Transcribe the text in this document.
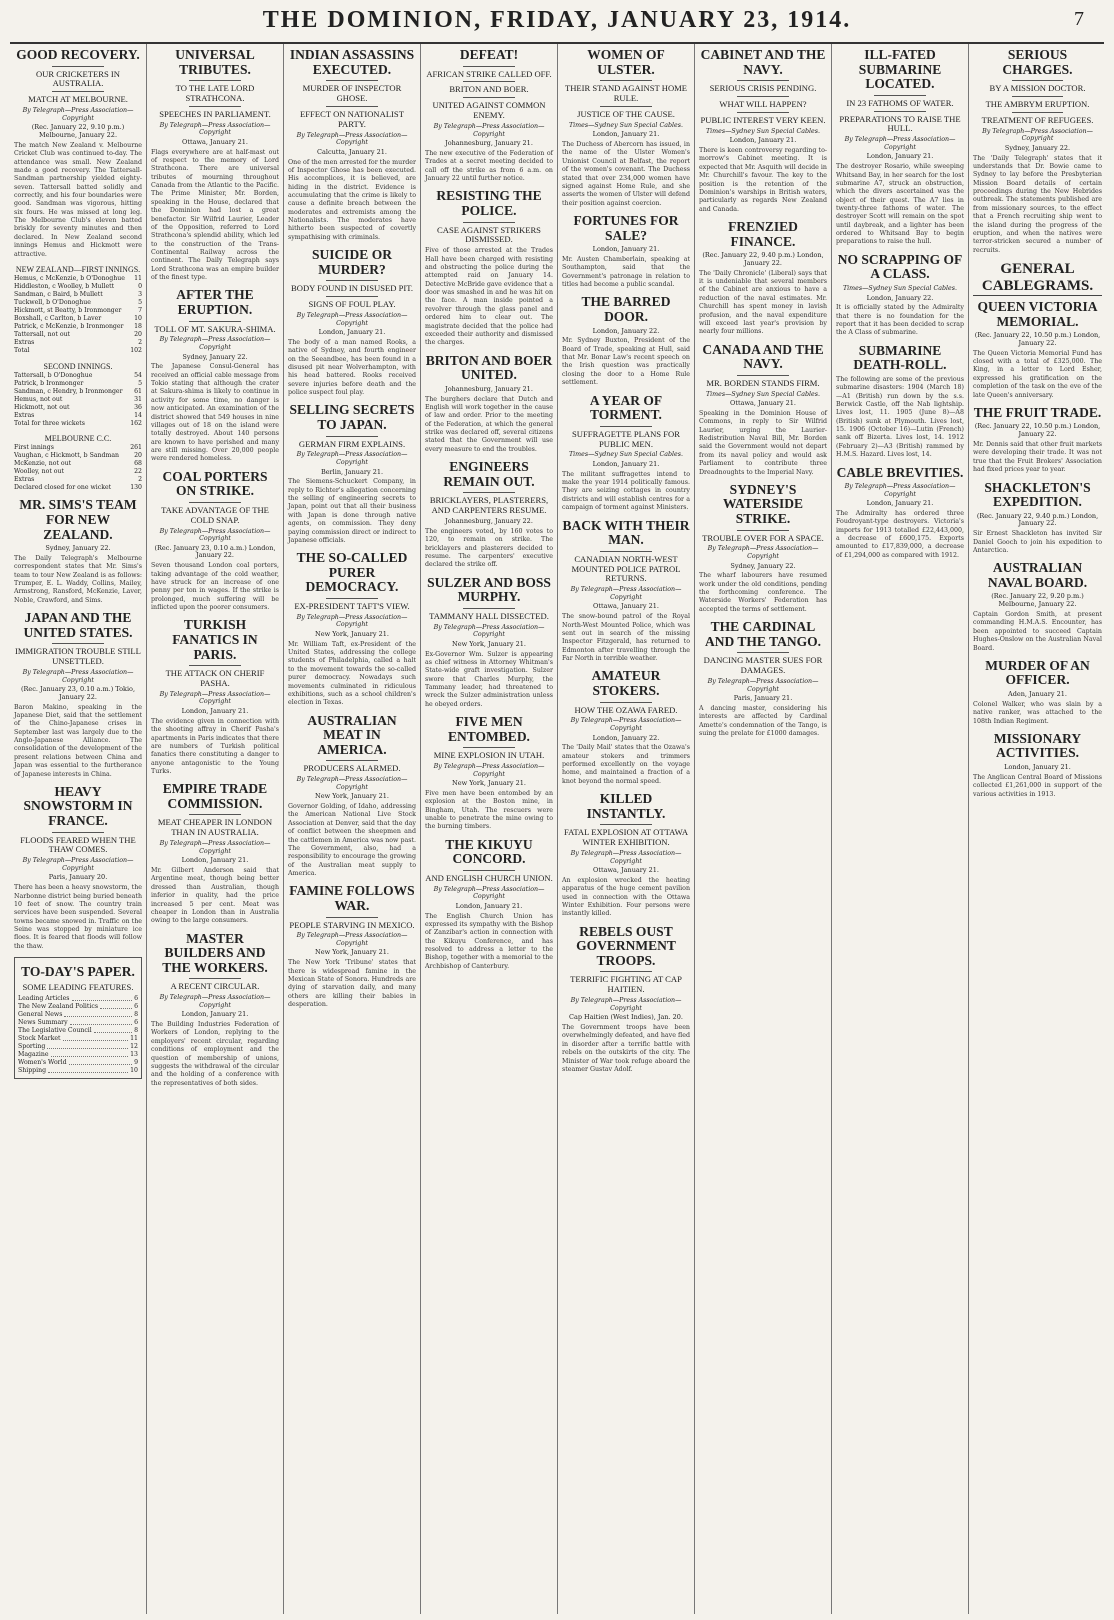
THE DOMINION, FRIDAY, JANUARY 23, 1914.	7
GOOD RECOVERY.
OUR CRICKETERS IN AUSTRALIA.
MATCH AT MELBOURNE.
By Telegraph—Press Association—Copyright
(Rec. January 22, 9.10 p.m.) Melbourne, January 22.
The match New Zealand v. Melbourne Cricket Club was continued to-day. The attendance was small. New Zealand made a good recovery. The Tattersall-Sandman partnership yielded eighty-seven. Tattersall batted solidly and correctly, and his four boundaries were good. Sandman was vigorous, hitting six fours. He was missed at long leg. The Melbourne Club's eleven batted briskly for seventy minutes and then declared. In New Zealand second innings Hemus and Hickmott were attractive.
NEW ZEALAND—FIRST INNINGS.
Hemus, c McKenzie, b O'Donoghue 11
Hiddleston, c Woolley, b Mullett	0
Sandman, c Baird, b Mullett	3
Tuckwell, b O'Donoghue	5
Hickmott, st Beatty, b Ironmonger	7
Boxshall, c Carlton, b Laver	10
Patrick, c McKenzie, b Ironmonger 18
Tattersall, not out	20
Extras	2
Total	102
SECOND INNINGS.
Tattersall, b O'Donoghue	54
Patrick, b Ironmonger	5
Sandman, c Hendry, b Ironmonger 61
Hemus, not out	31
Hickmott, not out	36
Extras	14
Total for three wickets	162
MELBOURNE C.C.
First innings	261
Vaughan, c Hickmott, b Sandman 20
McKenzie, not out	68
Woolley, not out	22
Extras	2
Declared closed for one wicket	130
MR. SIMS'S TEAM FOR NEW ZEALAND.
Sydney, January 22.
The Daily Telegraph's Melbourne correspondent states that Mr. Sims's team to tour New Zealand is as follows: Trumper, E. L. Waddy, Collins, Mailey, Armstrong, Ransford, McKenzie, Laver, Noble, Crawford, and Sims.
JAPAN AND THE UNITED STATES.
IMMIGRATION TROUBLE STILL UNSETTLED.
By Telegraph—Press Association—Copyright
(Rec. January 23, 0.10 a.m.) Tokio, January 22.
Baron Makino, speaking in the Japanese Diet, said that the settlement of the Chino-Japanese crises in September last was largely due to the Anglo-Japanese Alliance. The consolidation of the development of the present relations between China and Japan was essential to the furtherance of Japanese interests in China.
HEAVY SNOWSTORM IN FRANCE.
FLOODS FEARED WHEN THE THAW COMES.
By Telegraph—Press Association—Copyright
Paris, January 20.
There has been a heavy snowstorm, the Narbonne district being buried beneath 10 feet of snow. The country train services have been suspended. Several towns became snowed in. Traffic on the Seine was stopped by miniature ice floes. It is feared that floods will follow the thaw.
TO-DAY'S PAPER.
SOME LEADING FEATURES.
Leading Articles	6
The New Zealand Politics	6
General News	8
News Summary	6
The Legislative Council	8
Stock Market	11
Sporting	12
Magazine	13
Women's World	9
Shipping	10
UNIVERSAL TRIBUTES.
TO THE LATE LORD STRATHCONA.
SPEECHES IN PARLIAMENT.
By Telegraph—Press Association—Copyright
Ottawa, January 21.
Flags everywhere are at half-mast out of respect to the memory of Lord Strathcona. There are universal tributes of mourning throughout Canada from the Atlantic to the Pacific. The Prime Minister, Mr. Borden, speaking in the House, declared that the Dominion had lost a great benefactor. Sir Wilfrid Laurier, Leader of the Opposition, referred to Lord Strathcona's splendid ability, which led to the construction of the Trans-Continental Railway across the continent. The Daily Telegraph says Lord Strathcona was an empire builder of the finest type.
AFTER THE ERUPTION.
TOLL OF MT. SAKURA-SHIMA.
By Telegraph—Press Association—Copyright
Sydney, January 22.
The Japanese Consul-General has received an official cable message from Tokio stating that although the crater at Sakura-shima is likely to continue in activity for some time, no danger is now anticipated. An examination of the district showed that 549 houses in nine villages out of 18 on the island were totally destroyed. About 140 persons are known to have perished and many are still missing. Over 20,000 people were rendered homeless.
COAL PORTERS ON STRIKE.
TAKE ADVANTAGE OF THE COLD SNAP.
By Telegraph—Press Association—Copyright
(Rec. January 23, 0.10 a.m.) London, January 22.
Seven thousand London coal porters, taking advantage of the cold weather, have struck for an increase of one penny per ton in wages. If the strike is prolonged, much suffering will be inflicted upon the poorer consumers.
TURKISH FANATICS IN PARIS.
THE ATTACK ON CHERIF PASHA.
By Telegraph—Press Association—Copyright
London, January 21.
The evidence given in connection with the shooting affray in Cherif Pasha's apartments in Paris indicates that there are numbers of Turkish political fanatics there constituting a danger to anyone antagonistic to the Young Turks.
EMPIRE TRADE COMMISSION.
MEAT CHEAPER IN LONDON THAN IN AUSTRALIA.
By Telegraph—Press Association—Copyright
London, January 21.
Mr. Gilbert Anderson said that Argentine meat, though being better dressed than Australian, though inferior in quality, had the price increased 5 per cent. Meat was cheaper in London than in Australia owing to the large consumers.
MASTER BUILDERS AND THE WORKERS.
A RECENT CIRCULAR.
By Telegraph—Press Association—Copyright
London, January 21.
The Building Industries Federation of Workers of London, replying to the employers' recent circular, regarding conditions of employment and the question of membership of unions, suggests the withdrawal of the circular and the holding of a conference with the representatives of both sides.
INDIAN ASSASSINS EXECUTED.
MURDER OF INSPECTOR GHOSE.
EFFECT ON NATIONALIST PARTY.
By Telegraph—Press Association—Copyright
Calcutta, January 21.
One of the men arrested for the murder of Inspector Ghose has been executed. His accomplices, it is believed, are hiding in the district. Evidence is accumulating that the crime is likely to cause a definite breach between the moderates and extremists among the Nationalists. The moderates have hitherto been suspected of covertly sympathising with criminals.
SUICIDE OR MURDER?
BODY FOUND IN DISUSED PIT.
SIGNS OF FOUL PLAY.
By Telegraph—Press Association—Copyright
London, January 21.
The body of a man named Rooks, a native of Sydney, and fourth engineer on the Seeandbee, has been found in a disused pit near Wolverhampton, with his head battered. Rooks received severe injuries before death and the police suspect foul play.
SELLING SECRETS TO JAPAN.
GERMAN FIRM EXPLAINS.
By Telegraph—Press Association—Copyright
Berlin, January 21.
The Siemens-Schuckert Company, in reply to Richter's allegation concerning the selling of engineering secrets to Japan, point out that all their business with Japan is done through native agents, on commission. They deny paying commission direct or indirect to Japanese officials.
THE SO-CALLED PURER DEMOCRACY.
EX-PRESIDENT TAFT'S VIEW.
By Telegraph—Press Association—Copyright
New York, January 21.
Mr. William Taft, ex-President of the United States, addressing the college students of Philadelphia, called a halt to the movement towards the so-called purer democracy. Nowadays such movements culminated in ridiculous exhibitions, such as a school children's election in Texas.
AUSTRALIAN MEAT IN AMERICA.
PRODUCERS ALARMED.
By Telegraph—Press Association—Copyright
New York, January 21.
Governor Golding, of Idaho, addressing the American National Live Stock Association at Denver, said that the day of conflict between the sheepmen and the cattlemen in America was now past. The Government, also, had a responsibility to encourage the growing of the Australian meat supply to America.
FAMINE FOLLOWS WAR.
PEOPLE STARVING IN MEXICO.
By Telegraph—Press Association—Copyright
New York, January 21.
The New York 'Tribune' states that there is widespread famine in the Mexican State of Sonora. Hundreds are dying of starvation daily, and many others are killing their babies in desperation.
DEFEAT!
AFRICAN STRIKE CALLED OFF.
BRITON AND BOER.
UNITED AGAINST COMMON ENEMY.
By Telegraph—Press Association—Copyright
Johannesburg, January 21.
The new executive of the Federation of Trades at a secret meeting decided to call off the strike as from 6 a.m. on January 22 until further notice.
RESISTING THE POLICE.
CASE AGAINST STRIKERS DISMISSED.
Five of those arrested at the Trades Hall have been charged with resisting and obstructing the police during the attempted raid on January 14. Detective McBride gave evidence that a door was smashed in and he was hit on the face. A man inside pointed a revolver through the glass panel and ordered him to clear out. The magistrate decided that the police had exceeded their authority and dismissed the charges.
BRITON AND BOER UNITED.
Johannesburg, January 21.
The burghers declare that Dutch and English will work together in the cause of law and order. Prior to the meeting of the Federation, at which the general strike was declared off, several citizens stated that the Government will use every measure to end the troubles.
ENGINEERS REMAIN OUT.
BRICKLAYERS, PLASTERERS, AND CARPENTERS RESUME.
Johannesburg, January 22.
The engineers voted, by 160 votes to 120, to remain on strike. The bricklayers and plasterers decided to resume. The carpenters' executive declared the strike off.
SULZER AND BOSS MURPHY.
TAMMANY HALL DISSECTED.
By Telegraph—Press Association—Copyright
New York, January 21.
Ex-Governor Wm. Sulzer is appearing as chief witness in Attorney Whitman's State-wide graft investigation. Sulzer swore that Charles Murphy, the Tammany leader, had threatened to wreck the Sulzer administration unless he obeyed orders.
FIVE MEN ENTOMBED.
MINE EXPLOSION IN UTAH.
By Telegraph—Press Association—Copyright
New York, January 21.
Five men have been entombed by an explosion at the Boston mine, in Bingham, Utah. The rescuers were unable to penetrate the mine owing to the burning timbers.
THE KIKUYU CONCORD.
AND ENGLISH CHURCH UNION.
By Telegraph—Press Association—Copyright
London, January 21.
The English Church Union has expressed its sympathy with the Bishop of Zanzibar's action in connection with the Kikuyu Conference, and has resolved to address a letter to the Bishop, together with a memorial to the Archbishop of Canterbury.
WOMEN OF ULSTER.
THEIR STAND AGAINST HOME RULE.
JUSTICE OF THE CAUSE.
Times—Sydney Sun Special Cables.
London, January 21.
The Duchess of Abercorn has issued, in the name of the Ulster Women's Unionist Council at Belfast, the report of the women's covenant. The Duchess stated that over 234,000 women have signed against Home Rule, and she asserts the women of Ulster will defend their position against coercion.
FORTUNES FOR SALE?
London, January 21.
Mr. Austen Chamberlain, speaking at Southampton, said that the Government's patronage in relation to titles had become a public scandal.
THE BARRED DOOR.
London, January 22.
Mr. Sydney Buxton, President of the Board of Trade, speaking at Hull, said that Mr. Bonar Law's recent speech on the Irish question was practically closing the door to a Home Rule settlement.
A YEAR OF TORMENT.
SUFFRAGETTE PLANS FOR PUBLIC MEN.
Times—Sydney Sun Special Cables.
London, January 21.
The militant suffragettes intend to make the year 1914 politically famous. They are seizing cottages in country districts and will establish centres for a campaign of torment against Ministers.
BACK WITH THEIR MAN.
CANADIAN NORTH-WEST MOUNTED POLICE PATROL RETURNS.
By Telegraph—Press Association—Copyright
Ottawa, January 21.
The snow-bound patrol of the Royal North-West Mounted Police, which was sent out in search of the missing Inspector Fitzgerald, has returned to Edmonton after travelling through the Far North in terrible weather.
AMATEUR STOKERS.
HOW THE OZAWA FARED.
By Telegraph—Press Association—Copyright
London, January 22.
The 'Daily Mail' states that the Ozawa's amateur stokers and trimmers performed excellently on the voyage home, and maintained a fraction of a knot beyond the normal speed.
KILLED INSTANTLY.
FATAL EXPLOSION AT OTTAWA WINTER EXHIBITION.
By Telegraph—Press Association—Copyright
Ottawa, January 21.
An explosion wrecked the heating apparatus of the huge cement pavilion used in connection with the Ottawa Winter Exhibition. Four persons were instantly killed.
REBELS OUST GOVERNMENT TROOPS.
TERRIFIC FIGHTING AT CAP HAITIEN.
By Telegraph—Press Association—Copyright
Cap Haitien (West Indies), Jan. 20.
The Government troops have been overwhelmingly defeated, and have fled in disorder after a terrific battle with rebels on the outskirts of the city. The Minister of War took refuge aboard the steamer Gustav Adolf.
CABINET AND THE NAVY.
SERIOUS CRISIS PENDING.
WHAT WILL HAPPEN?
PUBLIC INTEREST VERY KEEN.
Times—Sydney Sun Special Cables.
London, January 21.
There is keen controversy regarding to-morrow's Cabinet meeting. It is expected that Mr. Asquith will decide in Mr. Churchill's favour. The key to the position is the retention of the Dominion's warships in British waters, particularly as regards New Zealand and Canada.
FRENZIED FINANCE.
(Rec. January 22, 9.40 p.m.) London, January 22.
The 'Daily Chronicle' (Liberal) says that it is undeniable that several members of the Cabinet are anxious to have a reduction of the naval estimates. Mr. Churchill has spent money in lavish profusion, and the naval expenditure will exceed last year's provision by nearly four millions.
CANADA AND THE NAVY.
MR. BORDEN STANDS FIRM.
Times—Sydney Sun Special Cables.
Ottawa, January 21.
Speaking in the Dominion House of Commons, in reply to Sir Wilfrid Laurier, urging the Laurier-Redistribution Naval Bill, Mr. Borden said the Government would not depart from its naval policy and would ask Parliament to contribute three Dreadnoughts to the Imperial Navy.
SYDNEY'S WATERSIDE STRIKE.
TROUBLE OVER FOR A SPACE.
By Telegraph—Press Association—Copyright
Sydney, January 22.
The wharf labourers have resumed work under the old conditions, pending the forthcoming conference. The Waterside Workers' Federation has accepted the terms of settlement.
THE CARDINAL AND THE TANGO.
DANCING MASTER SUES FOR DAMAGES.
By Telegraph—Press Association—Copyright
Paris, January 21.
A dancing master, considering his interests are affected by Cardinal Amette's condemnation of the Tango, is suing the prelate for £1000 damages.
ILL-FATED SUBMARINE LOCATED.
IN 23 FATHOMS OF WATER.
PREPARATIONS TO RAISE THE HULL.
By Telegraph—Press Association—Copyright
London, January 21.
The destroyer Rosario, while sweeping Whitsand Bay, in her search for the lost submarine A7, struck an obstruction, which the divers ascertained was the object of their quest. The A7 lies in twenty-three fathoms of water. The destroyer Scott will remain on the spot until daybreak, and a lighter has been ordered to Whitsand Bay to begin preparations to raise the hull.
NO SCRAPPING OF A CLASS.
Times—Sydney Sun Special Cables.
London, January 22.
It is officially stated by the Admiralty that there is no foundation for the report that it has been decided to scrap the A Class of submarine.
SUBMARINE DEATH-ROLL.
The following are some of the previous submarine disasters: 1904 (March 18)—A1 (British) run down by the s.s. Berwick Castle, off the Nab lightship. Lives lost, 11. 1905 (June 8)—A8 (British) sunk at Plymouth. Lives lost, 15. 1906 (October 16)—Lutin (French) sank off Bizerta. Lives lost, 14. 1912 (February 2)—A3 (British) rammed by H.M.S. Hazard. Lives lost, 14.
CABLE BREVITIES.
By Telegraph—Press Association—Copyright
London, January 21.
The Admiralty has ordered three Foudroyant-type destroyers. Victoria's imports for 1913 totalled £22,443,000, a decrease of £600,175. Exports amounted to £17,839,000, a decrease of £1,294,000 as compared with 1912.
SERIOUS CHARGES.
BY A MISSION DOCTOR.
THE AMBRYM ERUPTION.
TREATMENT OF REFUGEES.
By Telegraph—Press Association—Copyright
Sydney, January 22.
The 'Daily Telegraph' states that it understands that Dr. Bowie came to Sydney to lay before the Presbyterian Mission Board details of certain proceedings during the New Hebrides outbreak. The statements published are from missionary sources, to the effect that a French recruiting ship went to the island during the progress of the eruption, and when the natives were terror-stricken secured a number of recruits.
GENERAL CABLEGRAMS.
QUEEN VICTORIA MEMORIAL.
(Rec. January 22, 10.50 p.m.) London, January 22.
The Queen Victoria Memorial Fund has closed with a total of £325,000. The King, in a letter to Lord Esher, expressed his gratification on the completion of the task on the eve of the late Queen's anniversary.
THE FRUIT TRADE.
(Rec. January 22, 10.50 p.m.) London, January 22.
Mr. Dennis said that other fruit markets were developing their trade. It was not true that the Fruit Brokers' Association had fixed prices year to year.
SHACKLETON'S EXPEDITION.
(Rec. January 22, 9.40 p.m.) London, January 22.
Sir Ernest Shackleton has invited Sir Daniel Gooch to join his expedition to Antarctica.
AUSTRALIAN NAVAL BOARD.
(Rec. January 22, 9.20 p.m.) Melbourne, January 22.
Captain Gordon Smith, at present commanding H.M.A.S. Encounter, has been appointed to succeed Captain Hughes-Onslow on the Australian Naval Board.
MURDER OF AN OFFICER.
Aden, January 21.
Colonel Walker, who was slain by a native ranker, was attached to the 108th Indian Regiment.
MISSIONARY ACTIVITIES.
London, January 21.
The Anglican Central Board of Missions collected £1,261,000 in support of the various activities in 1913.
